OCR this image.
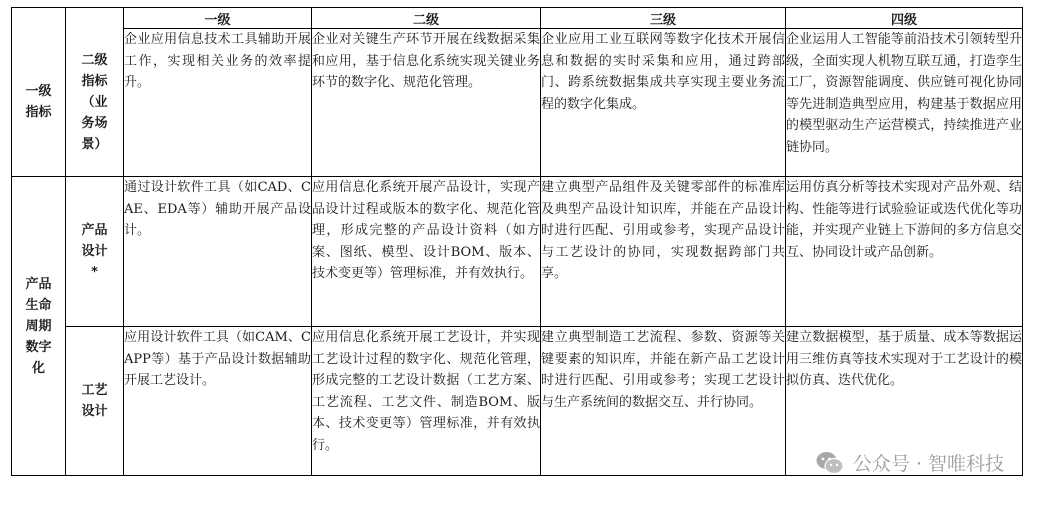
		一级	二级	三级	四级

一级指标	二级指标（业务场景）	企业应用信息技术工具辅助开展工作，实现相关业务的效率提升。	企业对关键生产环节开展在线数据采集和应用，基于信息化系统实现关键业务环节的数字化、规范化管理。	企业应用工业互联网等数字化技术开展信息和数据的实时采集和应用，通过跨部门、跨系统数据集成共享实现主要业务流程的数字化集成。	企业运用人工智能等前沿技术引领转型升级，全面实现人机物互联互通，打造孪生工厂，资源智能调度、供应链可视化协同等先进制造典型应用，构建基于数据应用的模型驱动生产运营模式，持续推进产业链协同。

产品生命周期数字化	产品设计*	通过设计软件工具（如CAD、CAE、EDA等）辅助开展产品设计。	应用信息化系统开展产品设计，实现产品设计过程或版本的数字化、规范化管理，形成完整的产品设计资料（如方案、图纸、模型、设计BOM、版本、技术变更等）管理标准，并有效执行。	建立典型产品组件及关键零部件的标准库及典型产品设计知识库，并能在产品设计时进行匹配、引用或参考，实现产品设计与工艺设计的协同，实现数据跨部门共享。	运用仿真分析等技术实现对产品外观、结构、性能等进行试验验证或迭代优化等功能，并实现产业链上下游间的多方信息交互、协同设计或产品创新。

	工艺设计	应用设计软件工具（如CAM、CAPP等）基于产品设计数据辅助开展工艺设计。	应用信息化系统开展工艺设计，并实现工艺设计过程的数字化、规范化管理，形成完整的工艺设计数据（工艺方案、工艺流程、工艺文件、制造BOM、版本、技术变更等）管理标准，并有效执行。	建立典型制造工艺流程、参数、资源等关键要素的知识库，并能在新产品工艺设计时进行匹配、引用或参考；实现工艺设计与生产系统间的数据交互、并行协同。	建立数据模型，基于质量、成本等数据运用三维仿真等技术实现对于工艺设计的模拟仿真、迭代优化。
公众号 · 智唯科技
